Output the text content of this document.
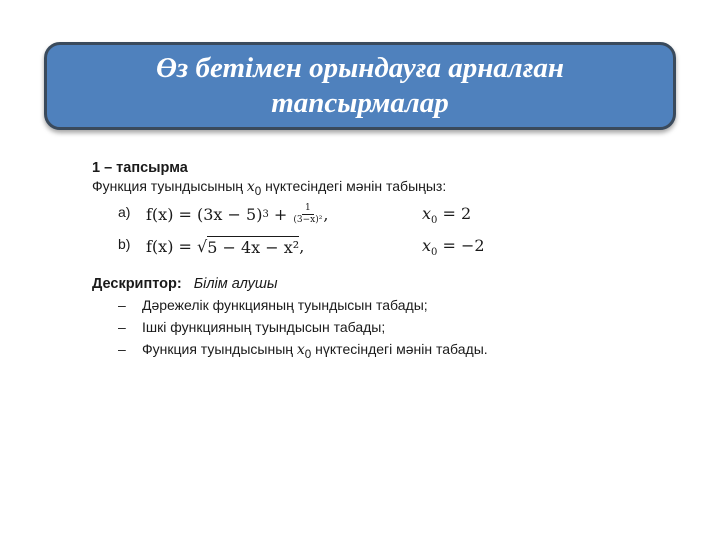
Өз бетімен орындауға арналған тапсырмалар
1 – тапсырма
Функция туындысының $x_0$ нүктесіндегі мәнін табыңыз:
a) f(x) = (3x − 5) $3 + \frac{1}{\text{(3−x)²}}$ ,	$x_0 = 2$
b) f(x) = √ 5 − 4x − x² ,	$x_0 = -2$
Дескриптор: Білім алушы
– Дәрежелік функцияның туындысын табады;
– Ішкі функцияның туындысын табады;
– Функция туындысының $x_0$ нүктесіндегі мәнін табады.
